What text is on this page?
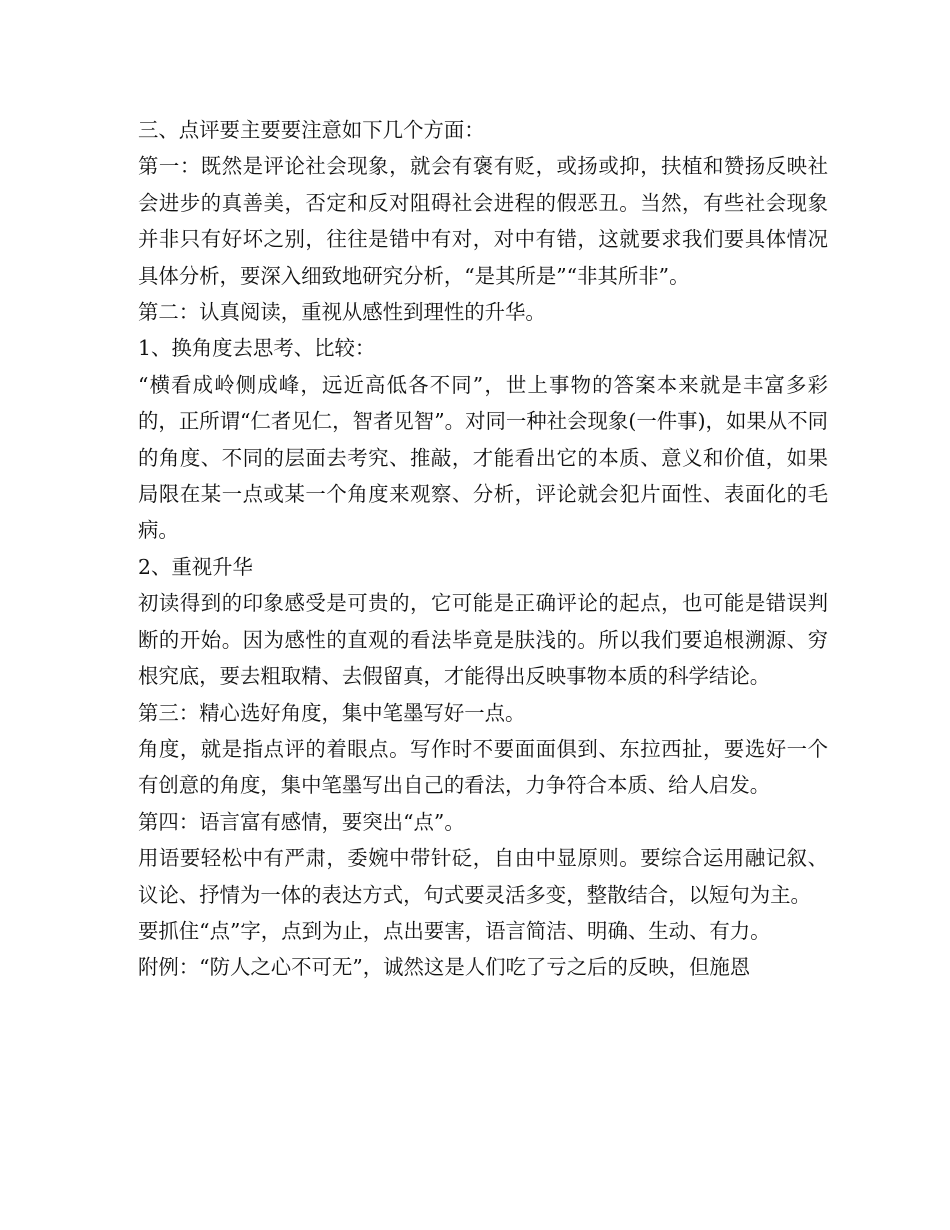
三、点评要主要要注意如下几个方面：

第一：既然是评论社会现象，就会有褒有贬，或扬或抑，扶植和赞扬反映社会进步的真善美，否定和反对阻碍社会进程的假恶丑。当然，有些社会现象并非只有好坏之别，往往是错中有对，对中有错，这就要求我们要具体情况具体分析，要深入细致地研究分析，“是其所是”“非其所非”。

第二：认真阅读，重视从感性到理性的升华。

1、换角度去思考、比较：

“横看成岭侧成峰，远近高低各不同”，世上事物的答案本来就是丰富多彩的，正所谓“仁者见仁，智者见智”。对同一种社会现象(一件事)，如果从不同的角度、不同的层面去考究、推敲，才能看出它的本质、意义和价值，如果局限在某一点或某一个角度来观察、分析，评论就会犯片面性、表面化的毛病。

2、重视升华

初读得到的印象感受是可贵的，它可能是正确评论的起点，也可能是错误判断的开始。因为感性的直观的看法毕竟是肤浅的。所以我们要追根溯源、穷根究底，要去粗取精、去假留真，才能得出反映事物本质的科学结论。

第三：精心选好角度，集中笔墨写好一点。

角度，就是指点评的着眼点。写作时不要面面俱到、东拉西扯，要选好一个有创意的角度，集中笔墨写出自己的看法，力争符合本质、给人启发。

第四：语言富有感情，要突出“点”。

用语要轻松中有严肃，委婉中带针砭，自由中显原则。要综合运用融记叙、议论、抒情为一体的表达方式，句式要灵活多变，整散结合，以短句为主。

要抓住“点”字，点到为止，点出要害，语言简洁、明确、生动、有力。

附例：“防人之心不可无”，诚然这是人们吃了亏之后的反映，但施恩
